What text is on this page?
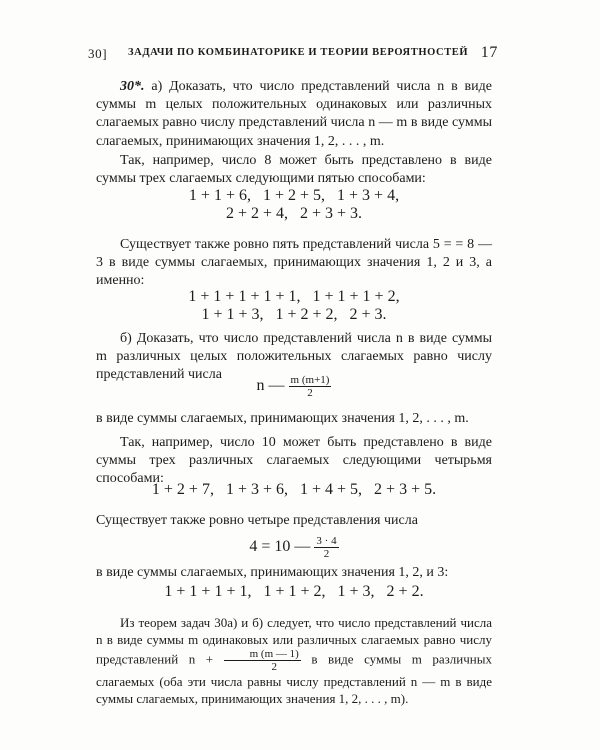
30] ЗАДАЧИ ПО КОМБИНАТОРИКЕ И ТЕОРИИ ВЕРОЯТНОСТЕЙ 17
30*. а) Доказать, что число представлений числа n в виде суммы m целых положительных одинаковых или различных слагаемых равно числу представлений числа n — m в виде суммы слагаемых, принимающих значения 1, 2, . . . , m.
Так, например, число 8 может быть представлено в виде суммы трех слагаемых следующими пятью способами:
1 + 1 + 6,   1 + 2 + 5,   1 + 3 + 4,
2 + 2 + 4,   2 + 3 + 3.
Существует также ровно пять представлений числа 5 = = 8 — 3 в виде суммы слагаемых, принимающих значения 1, 2 и 3, а именно:
1 + 1 + 1 + 1 + 1,   1 + 1 + 1 + 2,
1 + 1 + 3,   1 + 2 + 2,   2 + 3.
б) Доказать, что число представлений числа n в виде суммы m различных целых положительных слагаемых равно числу представлений числа
n — $\frac{m (m+1)}{2}$
в виде суммы слагаемых, принимающих значения 1, 2, . . . , m.
Так, например, число 10 может быть представлено в виде суммы трех различных слагаемых следующими четырьмя способами:
1 + 2 + 7,   1 + 3 + 6,   1 + 4 + 5,   2 + 3 + 5.
Существует также ровно четыре представления числа
4 = 10 — $\frac{3 \cdot 4}{2}$
в виде суммы слагаемых, принимающих значения 1, 2, и 3:
1 + 1 + 1 + 1,   1 + 1 + 2,   1 + 3,   2 + 2.
Из теорем задач 30а) и б) следует, что число представлений числа n в виде суммы m одинаковых или различных слагаемых равно числу представлений $n + \frac{m (m — 1)}{2}$ в виде суммы m различных слагаемых (оба эти числа равны числу представлений n — m в виде суммы слагаемых, принимающих значения 1, 2, . . . , m).
